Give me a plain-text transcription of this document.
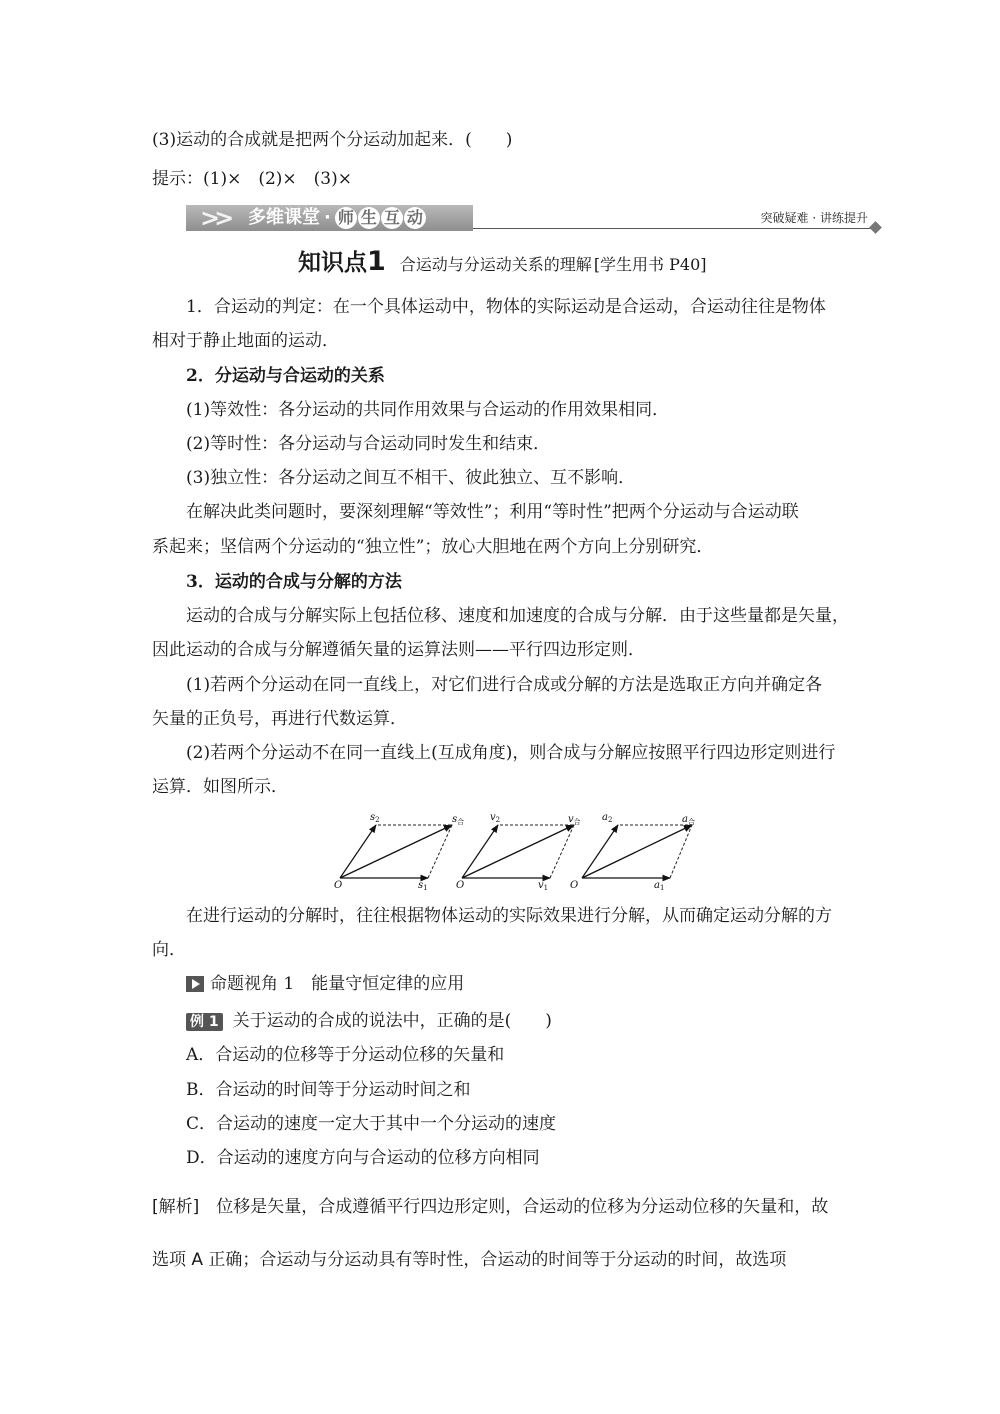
(3)运动的合成就是把两个分运动加起来．(　　)
提示：(1)×　(2)×　(3)×
>> 多维课堂 · 师 生 互 动	突破疑难 · 讲练提升
知识点1 合运动与分运动关系的理解 [学生用书 P40]
1．合运动的判定：在一个具体运动中，物体的实际运动是合运动，合运动往往是物体
相对于静止地面的运动．
2．分运动与合运动的关系
(1)等效性：各分运动的共同作用效果与合运动的作用效果相同．
(2)等时性：各分运动与合运动同时发生和结束．
(3)独立性：各分运动之间互不相干、彼此独立、互不影响．
在解决此类问题时，要深刻理解“等效性”；利用“等时性”把两个分运动与合运动联
系起来；坚信两个分运动的“独立性”；放心大胆地在两个方向上分别研究．
3．运动的合成与分解的方法
运动的合成与分解实际上包括位移、速度和加速度的合成与分解．由于这些量都是矢量，
因此运动的合成与分解遵循矢量的运算法则——平行四边形定则．
(1)若两个分运动在同一直线上，对它们进行合成或分解的方法是选取正方向并确定各
矢量的正负号，再进行代数运算．
(2)若两个分运动不在同一直线上(互成角度)，则合成与分解应按照平行四边形定则进行
运算．如图所示．
O	$s_1$
$s_2$	$s_合$
O	$v_1$
$v_2$	$v_合$
O	$a_1$
$a_2$	$a_合$
在进行运动的分解时，往往根据物体运动的实际效果进行分解，从而确定运动分解的方
向．
命题视角 1　能量守恒定律的应用
例 1 关于运动的合成的说法中，正确的是(　　)
A．合运动的位移等于分运动位移的矢量和
B．合运动的时间等于分运动时间之和
C．合运动的速度一定大于其中一个分运动的速度
D．合运动的速度方向与合运动的位移方向相同
[解析]　位移是矢量，合成遵循平行四边形定则，合运动的位移为分运动位移的矢量和，故
选项 A 正确；合运动与分运动具有等时性，合运动的时间等于分运动的时间，故选项
